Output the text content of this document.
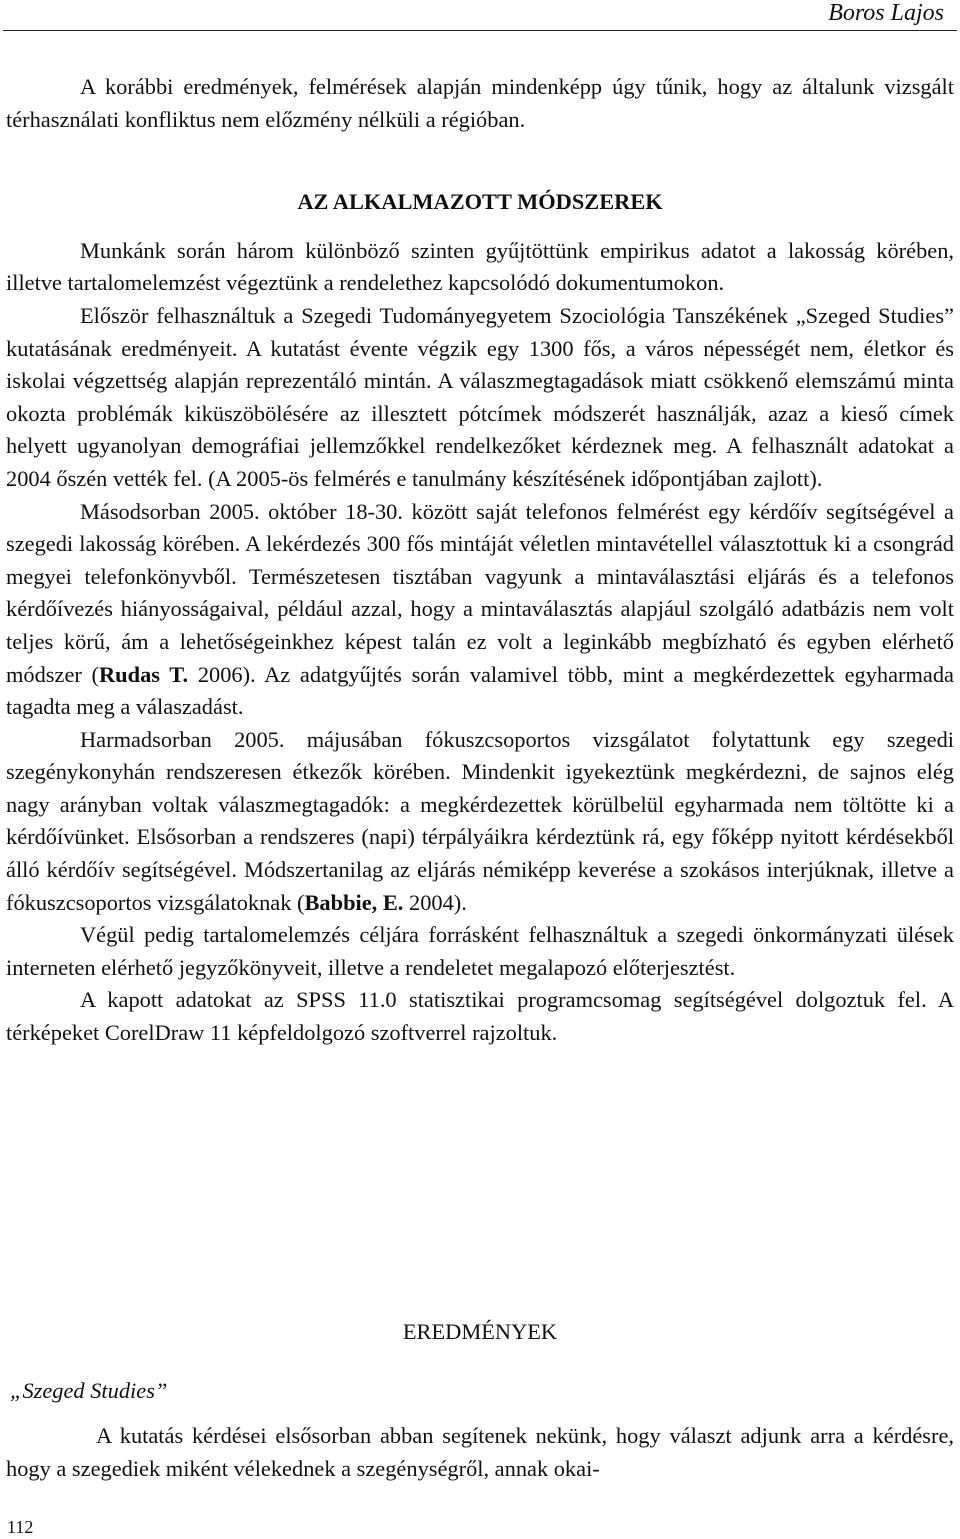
Boros Lajos

A korábbi eredmények, felmérések alapján mindenképp úgy tűnik, hogy az általunk vizsgált térhasználati konfliktus nem előzmény nélküli a régióban.

AZ ALKALMAZOTT MÓDSZEREK

Munkánk során három különböző szinten gyűjtöttünk empirikus adatot a lakosság körében, illetve tartalomelemzést végeztünk a rendelethez kapcsolódó dokumentumokon.

Először felhasználtuk a Szegedi Tudományegyetem Szociológia Tanszékének „Szeged Studies” kutatásának eredményeit. A kutatást évente végzik egy 1300 fős, a város népességét nem, életkor és iskolai végzettség alapján reprezentáló mintán. A válaszmegtagadások miatt csökkenő elemszámú minta okozta problémák kiküszöbölésére az illesztett pótcímek módszerét használják, azaz a kieső címek helyett ugyanolyan demográfiai jellemzőkkel rendelkezőket kérdeznek meg. A felhasznált adatokat a 2004 őszén vették fel. (A 2005-ös felmérés e tanulmány készítésének időpontjában zajlott).

Másodsorban 2005. október 18-30. között saját telefonos felmérést egy kérdőív segítségével a szegedi lakosság körében. A lekérdezés 300 fős mintáját véletlen mintavétellel választottuk ki a csongrád megyei telefonkönyvből. Természetesen tisztában vagyunk a mintaválasztási eljárás és a telefonos kérdőívezés hiányosságaival, például azzal, hogy a mintaválasztás alapjául szolgáló adatbázis nem volt teljes körű, ám a lehetőségeinkhez képest talán ez volt a leginkább megbízható és egyben elérhető módszer (Rudas T. 2006). Az adatgyűjtés során valamivel több, mint a megkérdezettek egyharmada tagadta meg a válaszadást.

Harmadsorban 2005. májusában fókuszcsoportos vizsgálatot folytattunk egy szegedi szegénykonyhán rendszeresen étkezők körében. Mindenkit igyekeztünk megkérdezni, de sajnos elég nagy arányban voltak válaszmegtagadók: a megkérdezettek körülbelül egyharmada nem töltötte ki a kérdőívünket. Elsősorban a rendszeres (napi) térpályáikra kérdeztünk rá, egy főképp nyitott kérdésekből álló kérdőív segítségével. Módszertanilag az eljárás némiképp keverése a szokásos interjúknak, illetve a fókuszcsoportos vizsgálatoknak (Babbie, E. 2004).

Végül pedig tartalomelemzés céljára forrásként felhasználtuk a szegedi önkormányzati ülések interneten elérhető jegyzőkönyveit, illetve a rendeletet megalapozó előterjesztést.

A kapott adatokat az SPSS 11.0 statisztikai programcsomag segítségével dolgoztuk fel. A térképeket CorelDraw 11 képfeldolgozó szoftverrel rajzoltuk.

EREDMÉNYEK
„Szeged Studies”

A kutatás kérdései elsősorban abban segítenek nekünk, hogy választ adjunk arra a kérdésre, hogy a szegediek miként vélekednek a szegénységről, annak okai-

112
